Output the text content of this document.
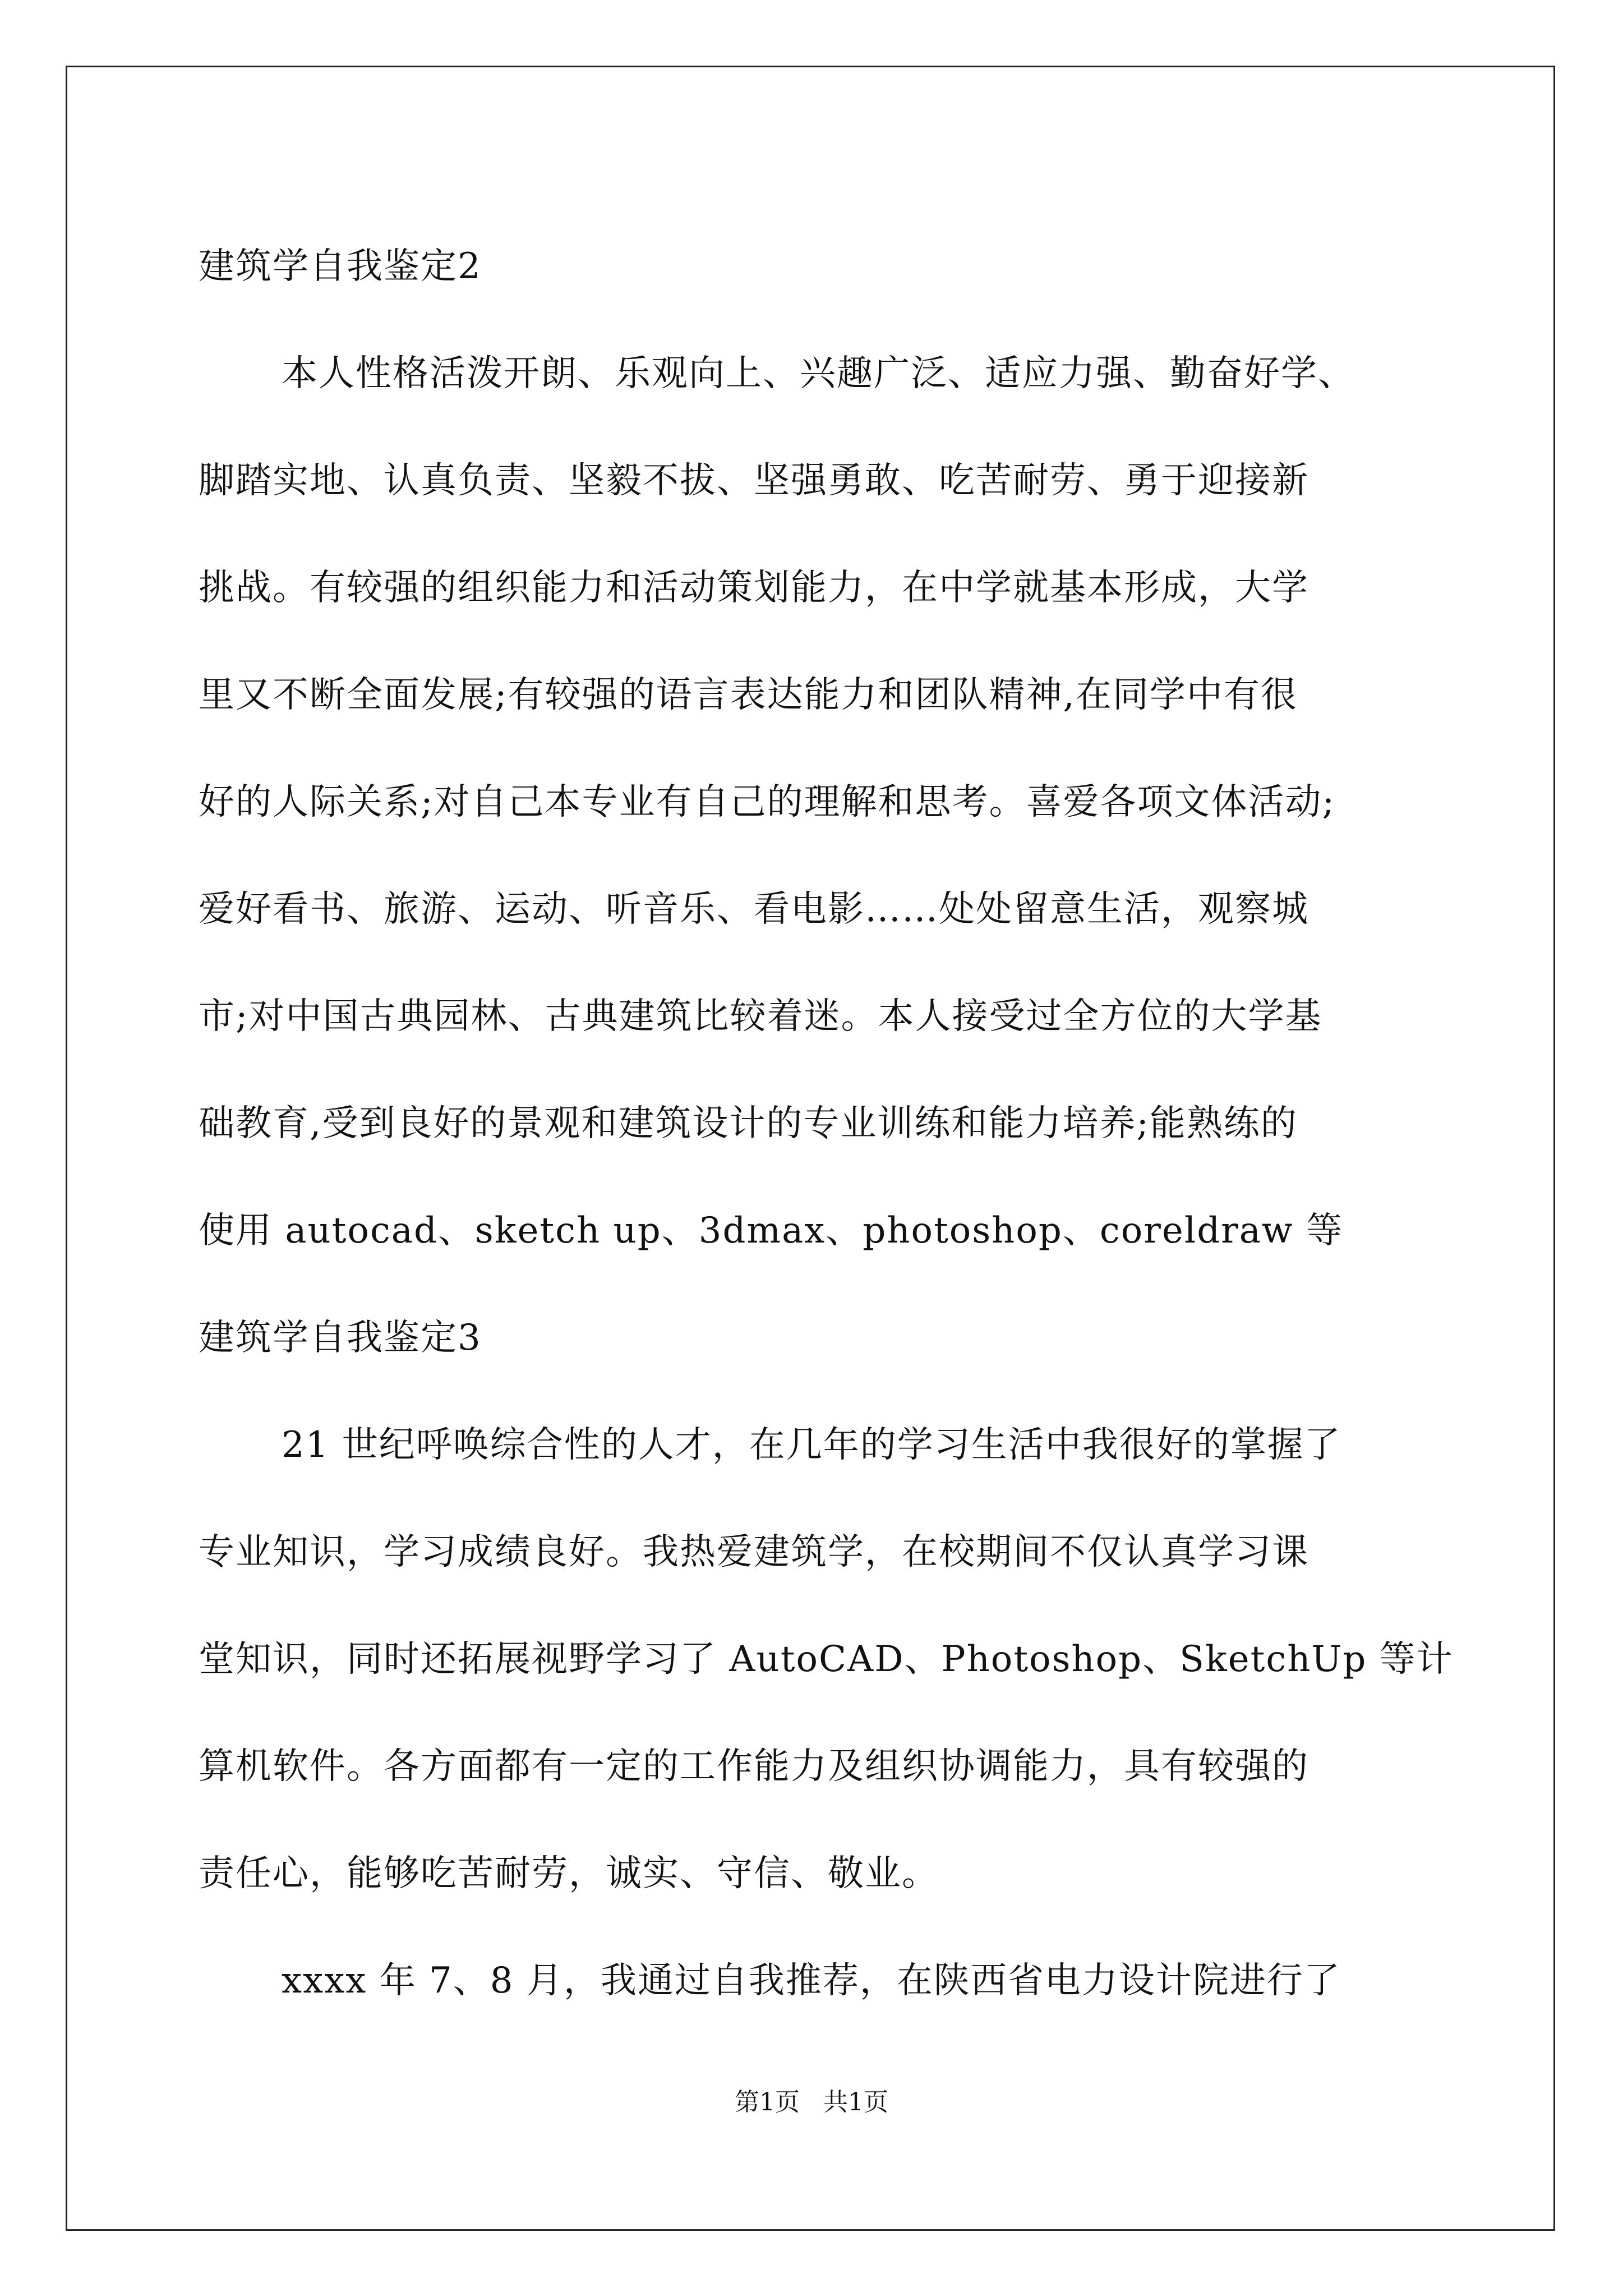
建筑学自我鉴定2
本人性格活泼开朗、乐观向上、兴趣广泛、适应力强、勤奋好学、
脚踏实地、认真负责、坚毅不拔、坚强勇敢、吃苦耐劳、勇于迎接新
挑战。有较强的组织能力和活动策划能力，在中学就基本形成，大学
里又不断全面发展;有较强的语言表达能力和团队精神,在同学中有很
好的人际关系;对自己本专业有自己的理解和思考。喜爱各项文体活动;
爱好看书、旅游、运动、听音乐、看电影……处处留意生活，观察城
市;对中国古典园林、古典建筑比较着迷。本人接受过全方位的大学基
础教育,受到良好的景观和建筑设计的专业训练和能力培养;能熟练的
使用 autocad、sketch up、3dmax、photoshop、coreldraw 等
建筑学自我鉴定3
21 世纪呼唤综合性的人才，在几年的学习生活中我很好的掌握了
专业知识，学习成绩良好。我热爱建筑学，在校期间不仅认真学习课
堂知识，同时还拓展视野学习了 AutoCAD、Photoshop、SketchUp 等计
算机软件。各方面都有一定的工作能力及组织协调能力，具有较强的
责任心，能够吃苦耐劳，诚实、守信、敬业。
xxxx 年 7、8 月，我通过自我推荐，在陕西省电力设计院进行了
第1页 共1页
